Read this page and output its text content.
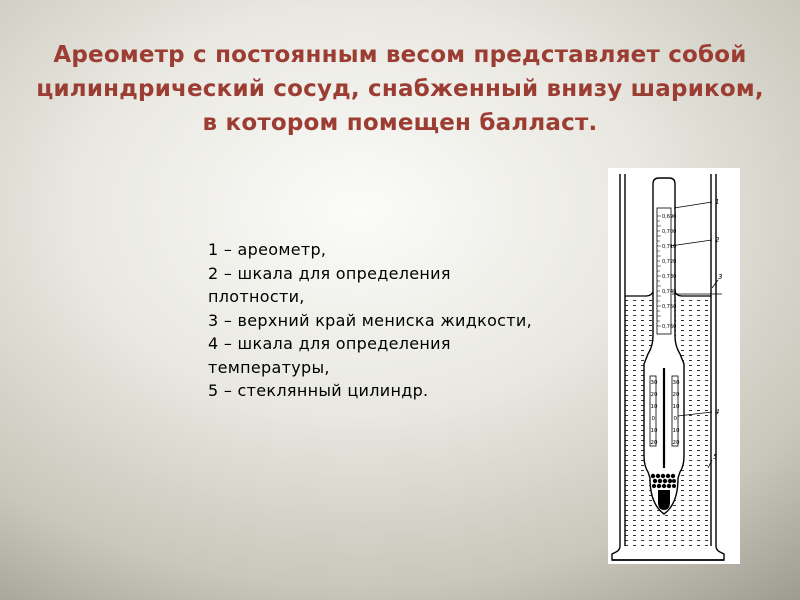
Ареометр с постоянным весом представляет собой цилиндрический сосуд, снабженный внизу шариком, в котором помещен балласт.
1 – ареометр,
2 – шкала для определения плотности,
3 – верхний край мениска жидкости,
4 – шкала для определения температуры,
5 – стеклянный цилиндр.
0,690
0,700
0,710
0,720
0,730
0,740
0,750
0,760
30
20
10
0
10
20
30
20
10
0
10
20
1
2
3
4
5
